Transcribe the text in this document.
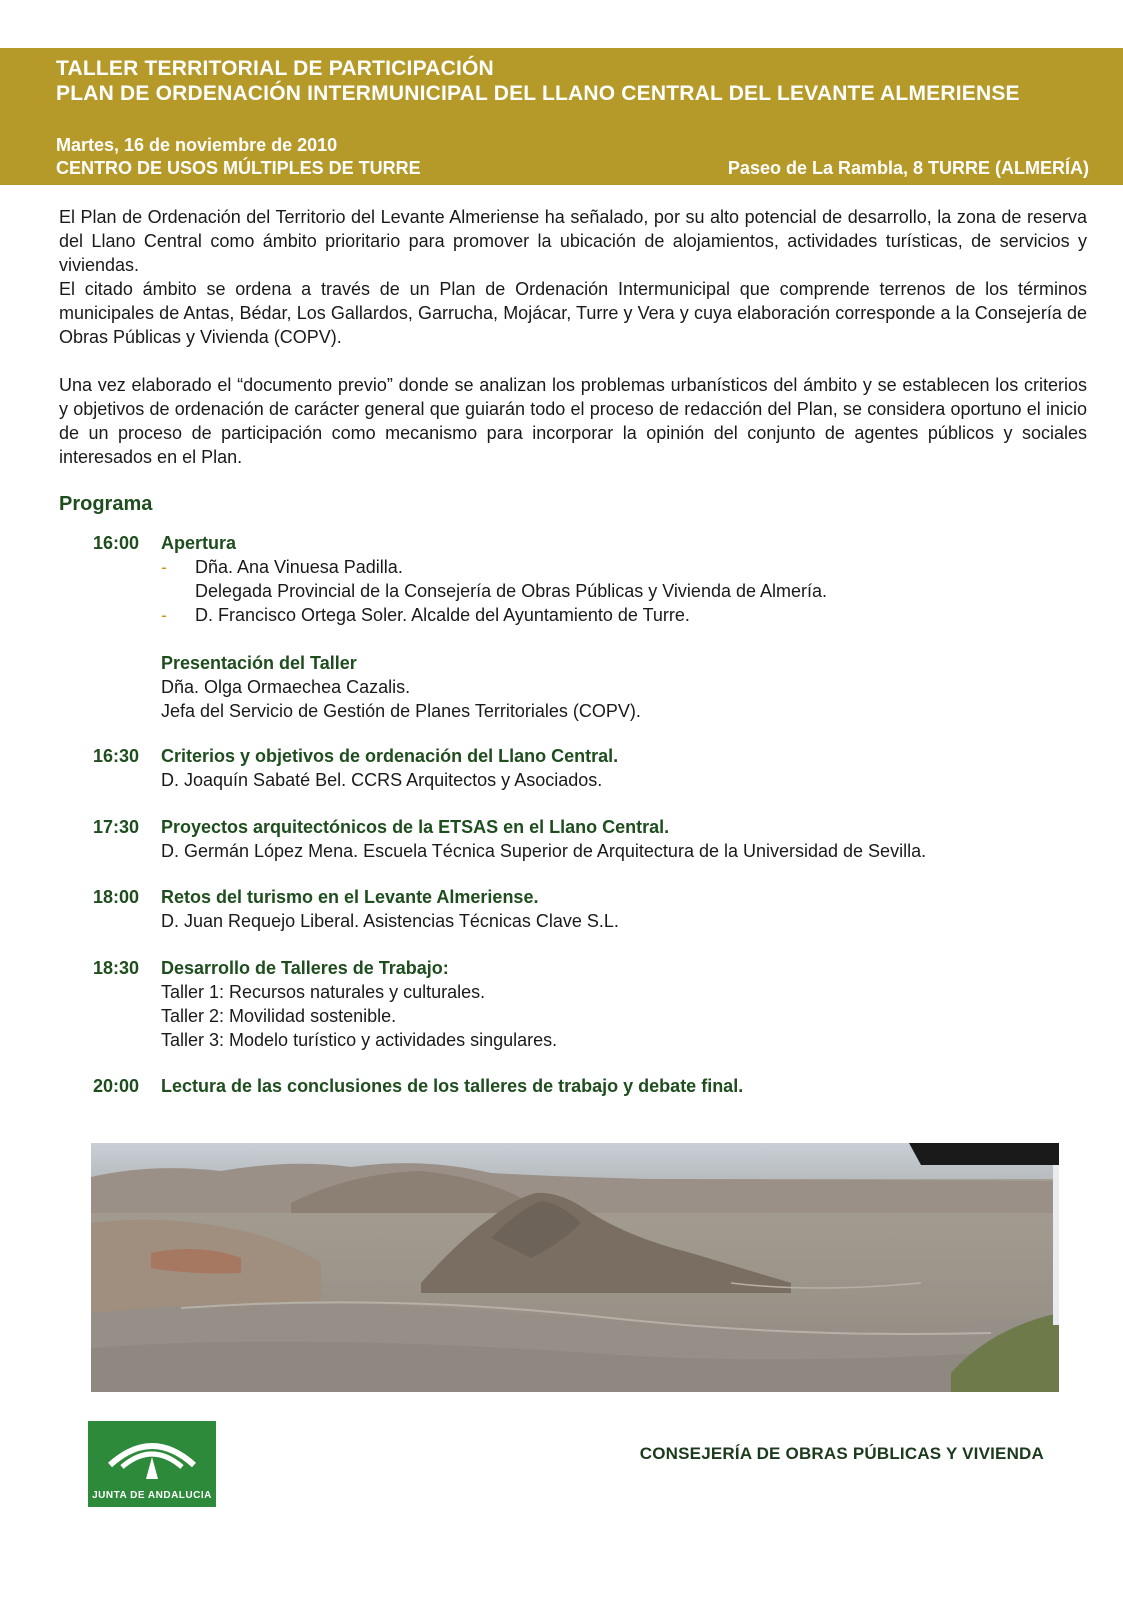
TALLER TERRITORIAL DE PARTICIPACIÓN
PLAN DE ORDENACIÓN INTERMUNICIPAL DEL LLANO CENTRAL DEL LEVANTE ALMERIENSE
Martes, 16 de noviembre de 2010
CENTRO DE USOS MÚLTIPLES DE TURRE	Paseo de La Rambla, 8 TURRE (ALMERÍA)

El Plan de Ordenación del Territorio del Levante Almeriense ha señalado, por su alto potencial de desarrollo, la zona de reserva del Llano Central como ámbito prioritario para promover la ubicación de alojamientos, actividades turísticas, de servicios y viviendas.

El citado ámbito se ordena a través de un Plan de Ordenación Intermunicipal que comprende terrenos de los términos municipales de Antas, Bédar, Los Gallardos, Garrucha, Mojácar, Turre y Vera y cuya elaboración corresponde a la Consejería de Obras Públicas y Vivienda (COPV).

Una vez elaborado el “documento previo” donde se analizan los problemas urbanísticos del ámbito y se establecen los criterios y objetivos de ordenación de carácter general que guiarán todo el proceso de redacción del Plan, se considera oportuno el inicio de un proceso de participación como mecanismo para incorporar la opinión del conjunto de agentes públicos y sociales interesados en el Plan.

Programa
16:00	Apertura
- Dña. Ana Vinuesa Padilla.
Delegada Provincial de la Consejería de Obras Públicas y Vivienda de Almería.
- D. Francisco Ortega Soler. Alcalde del Ayuntamiento de Turre.
Presentación del Taller
Dña. Olga Ormaechea Cazalis.
Jefa del Servicio de Gestión de Planes Territoriales (COPV).
16:30	Criterios y objetivos de ordenación del Llano Central.
D. Joaquín Sabaté Bel. CCRS Arquitectos y Asociados.
17:30	Proyectos arquitectónicos de la ETSAS en el Llano Central.
D. Germán López Mena. Escuela Técnica Superior de Arquitectura de la Universidad de Sevilla.
18:00	Retos del turismo en el Levante Almeriense.
D. Juan Requejo Liberal. Asistencias Técnicas Clave S.L.
18:30	Desarrollo de Talleres de Trabajo:
Taller 1: Recursos naturales y culturales.
Taller 2: Movilidad sostenible.
Taller 3: Modelo turístico y actividades singulares.
20:00	Lectura de las conclusiones de los talleres de trabajo y debate final.
JUNTA DE ANDALUCIA
CONSEJERÍA DE OBRAS PÚBLICAS Y VIVIENDA
